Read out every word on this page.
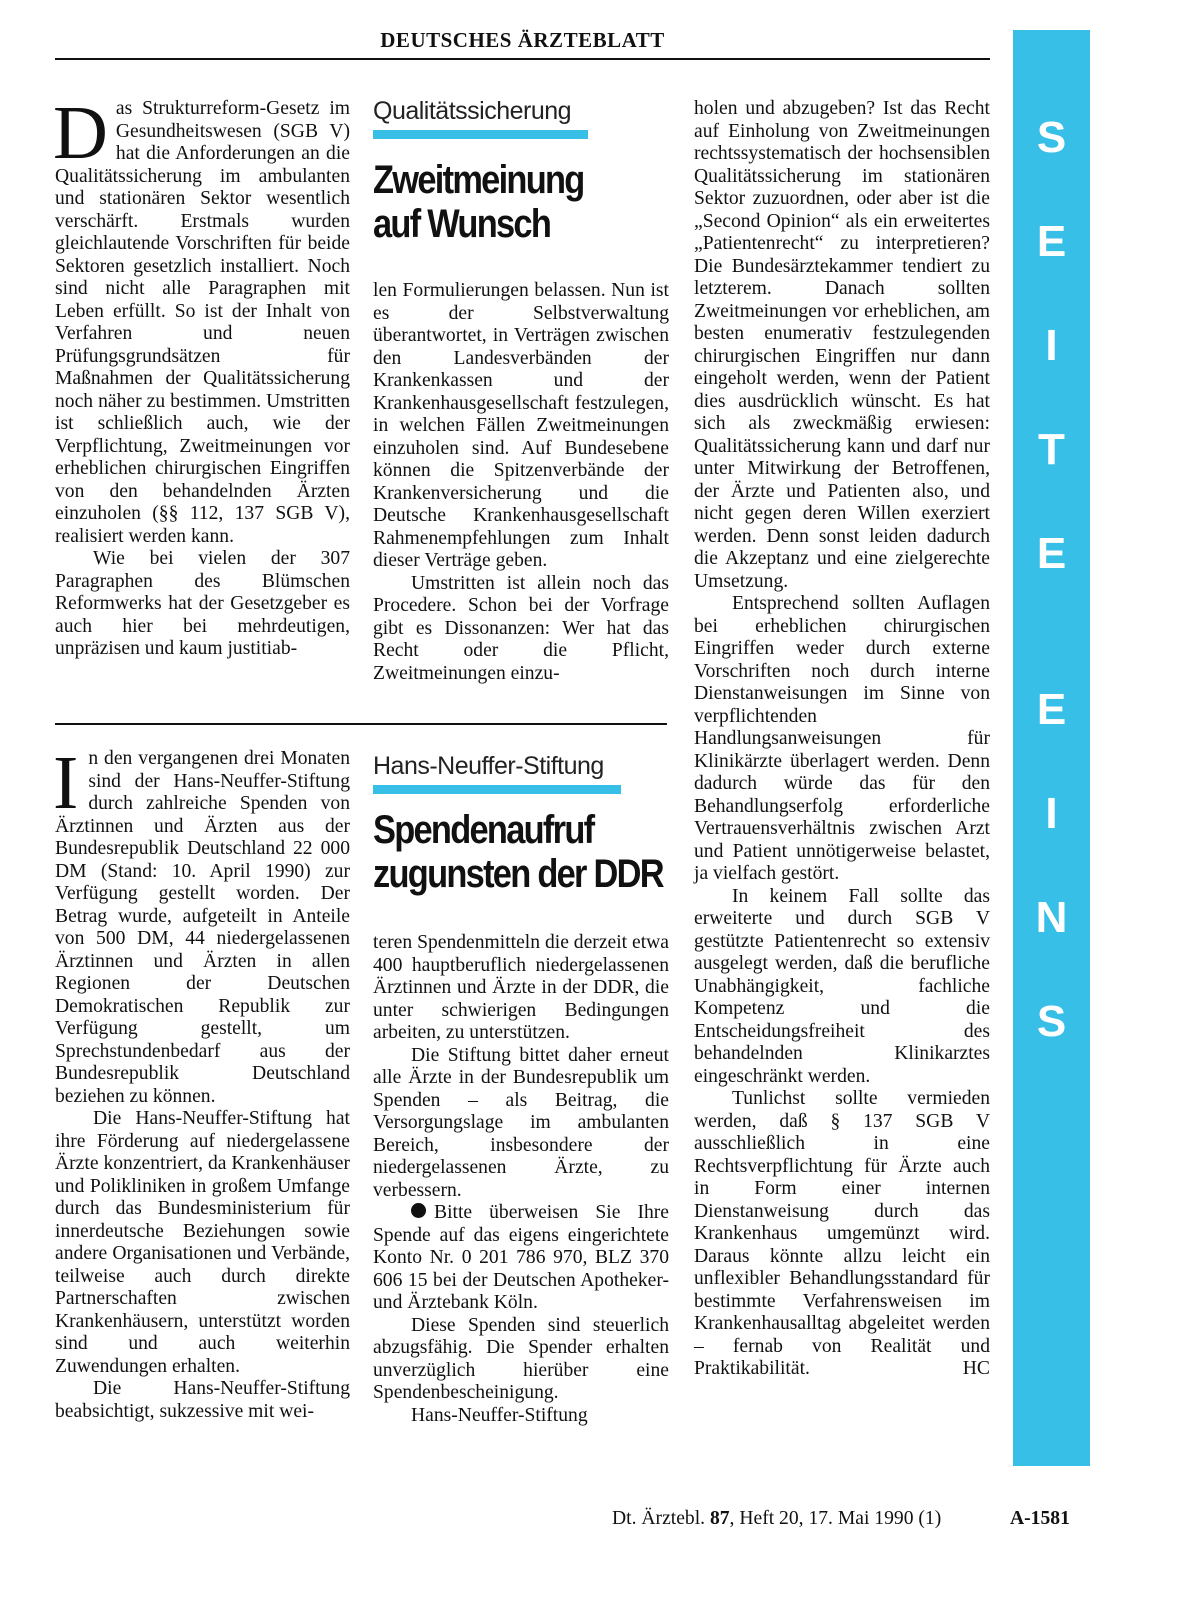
DEUTSCHES ÄRZTEBLATT
S
E
I
T
E
E
I
N
S

Das Strukturreform-Gesetz im Gesundheitswesen (SGB V) hat die Anforderungen an die Qualitätssicherung im ambulanten und stationären Sektor wesentlich verschärft. Erstmals wurden gleichlautende Vorschriften für beide Sektoren gesetzlich installiert. Noch sind nicht alle Paragraphen mit Leben erfüllt. So ist der Inhalt von Verfahren und neuen Prüfungsgrundsätzen für Maßnahmen der Qualitätssicherung noch näher zu bestimmen. Umstritten ist schließlich auch, wie der Verpflichtung, Zweitmeinungen vor erheblichen chirurgischen Eingriffen von den behandelnden Ärzten einzuholen (§§ 112, 137 SGB V), realisiert werden kann.

Wie bei vielen der 307 Paragraphen des Blümschen Reformwerks hat der Gesetzgeber es auch hier bei mehrdeutigen, unpräzisen und kaum justitiab-

Qualitätssicherung
Zweitmeinung
auf Wunsch

len Formulierungen belassen. Nun ist es der Selbstverwaltung überantwortet, in Verträgen zwischen den Landesverbänden der Krankenkassen und der Krankenhausgesellschaft festzulegen, in welchen Fällen Zweitmeinungen einzuholen sind. Auf Bundesebene können die Spitzenverbände der Krankenversicherung und die Deutsche Krankenhausgesellschaft Rahmenempfehlungen zum Inhalt dieser Verträge geben.

Umstritten ist allein noch das Procedere. Schon bei der Vorfrage gibt es Dissonanzen: Wer hat das Recht oder die Pflicht, Zweitmeinungen einzu-

holen und abzugeben? Ist das Recht auf Einholung von Zweitmeinungen rechtssystematisch der hochsensiblen Qualitätssicherung im stationären Sektor zuzuordnen, oder aber ist die „Second Opinion“ als ein erweitertes „Patientenrecht“ zu interpretieren? Die Bundesärztekammer tendiert zu letzterem. Danach sollten Zweitmeinungen vor erheblichen, am besten enumerativ festzulegenden chirurgischen Eingriffen nur dann eingeholt werden, wenn der Patient dies ausdrücklich wünscht. Es hat sich als zweckmäßig erwiesen: Qualitätssicherung kann und darf nur unter Mitwirkung der Betroffenen, der Ärzte und Patienten also, und nicht gegen deren Willen exerziert werden. Denn sonst leiden dadurch die Akzeptanz und eine zielgerechte Umsetzung.

Entsprechend sollten Auflagen bei erheblichen chirurgischen Eingriffen weder durch externe Vorschriften noch durch interne Dienstanweisungen im Sinne von verpflichtenden Handlungsanweisungen für Klinikärzte überlagert werden. Denn dadurch würde das für den Behandlungserfolg erforderliche Vertrauensverhältnis zwischen Arzt und Patient unnötigerweise belastet, ja vielfach gestört.

In keinem Fall sollte das erweiterte und durch SGB V gestützte Patientenrecht so extensiv ausgelegt werden, daß die berufliche Unabhängigkeit, fachliche Kompetenz und die Entscheidungsfreiheit des behandelnden Klinikarztes eingeschränkt werden.

Tunlichst sollte vermieden werden, daß § 137 SGB V ausschließlich in eine Rechtsverpflichtung für Ärzte auch in Form einer internen Dienstanweisung durch das Krankenhaus umgemünzt wird. Daraus könnte allzu leicht ein unflexibler Behandlungsstandard für bestimmte Verfahrensweisen im Krankenhausalltag abgeleitet werden – fernab von Realität und Praktikabilität.	HC

In den vergangenen drei Monaten sind der Hans-Neuffer-Stiftung durch zahlreiche Spenden von Ärztinnen und Ärzten aus der Bundesrepublik Deutschland 22 000 DM (Stand: 10. April 1990) zur Verfügung gestellt worden. Der Betrag wurde, aufgeteilt in Anteile von 500 DM, 44 niedergelassenen Ärztinnen und Ärzten in allen Regionen der Deutschen Demokratischen Republik zur Verfügung gestellt, um Sprechstundenbedarf aus der Bundesrepublik Deutschland beziehen zu können.

Die Hans-Neuffer-Stiftung hat ihre Förderung auf niedergelassene Ärzte konzentriert, da Krankenhäuser und Polikliniken in großem Umfange durch das Bundesministerium für innerdeutsche Beziehungen sowie andere Organisationen und Verbände, teilweise auch durch direkte Partnerschaften zwischen Krankenhäusern, unterstützt worden sind und auch weiterhin Zuwendungen erhalten.

Die Hans-Neuffer-Stiftung beabsichtigt, sukzessive mit wei-

Hans-Neuffer-Stiftung
Spendenaufruf
zugunsten der DDR

teren Spendenmitteln die derzeit etwa 400 hauptberuflich niedergelassenen Ärztinnen und Ärzte in der DDR, die unter schwierigen Bedingungen arbeiten, zu unterstützen.

Die Stiftung bittet daher erneut alle Ärzte in der Bundesrepublik um Spenden – als Beitrag, die Versorgungslage im ambulanten Bereich, insbesondere der niedergelassenen Ärzte, zu verbessern.

Bitte überweisen Sie Ihre Spende auf das eigens eingerichtete Konto Nr. 0 201 786 970, BLZ 370 606 15 bei der Deutschen Apotheker- und Ärztebank Köln.

Diese Spenden sind steuerlich abzugsfähig. Die Spender erhalten unverzüglich hierüber eine Spendenbescheinigung.

Hans-Neuffer-Stiftung

Dt. Ärztebl. 87, Heft 20, 17. Mai 1990 (1)	A-1581
